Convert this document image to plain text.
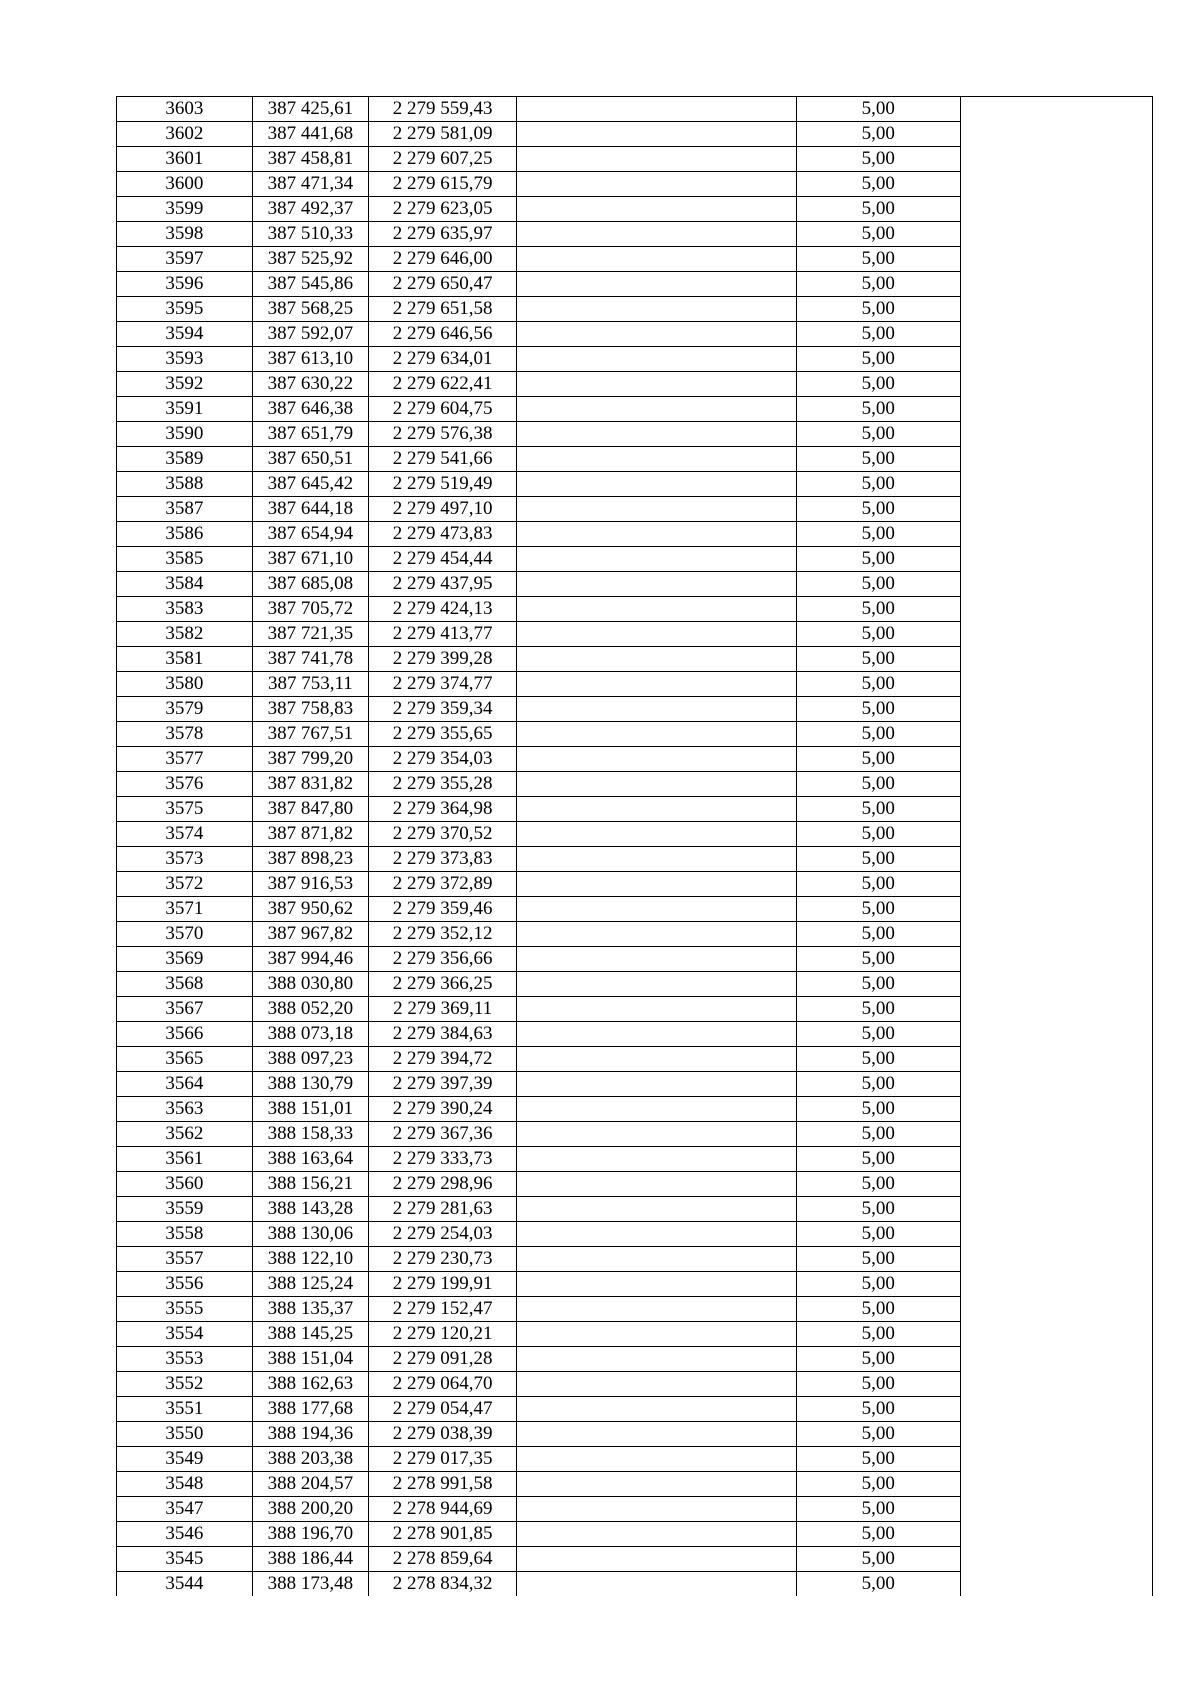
3603	387 425,61	2 279 559,43		5,00	
3602	387 441,68	2 279 581,09		5,00	
3601	387 458,81	2 279 607,25		5,00	
3600	387 471,34	2 279 615,79		5,00	
3599	387 492,37	2 279 623,05		5,00	
3598	387 510,33	2 279 635,97		5,00	
3597	387 525,92	2 279 646,00		5,00	
3596	387 545,86	2 279 650,47		5,00	
3595	387 568,25	2 279 651,58		5,00	
3594	387 592,07	2 279 646,56		5,00	
3593	387 613,10	2 279 634,01		5,00	
3592	387 630,22	2 279 622,41		5,00	
3591	387 646,38	2 279 604,75		5,00	
3590	387 651,79	2 279 576,38		5,00	
3589	387 650,51	2 279 541,66		5,00	
3588	387 645,42	2 279 519,49		5,00	
3587	387 644,18	2 279 497,10		5,00	
3586	387 654,94	2 279 473,83		5,00	
3585	387 671,10	2 279 454,44		5,00	
3584	387 685,08	2 279 437,95		5,00	
3583	387 705,72	2 279 424,13		5,00	
3582	387 721,35	2 279 413,77		5,00	
3581	387 741,78	2 279 399,28		5,00	
3580	387 753,11	2 279 374,77		5,00	
3579	387 758,83	2 279 359,34		5,00	
3578	387 767,51	2 279 355,65		5,00	
3577	387 799,20	2 279 354,03		5,00	
3576	387 831,82	2 279 355,28		5,00	
3575	387 847,80	2 279 364,98		5,00	
3574	387 871,82	2 279 370,52		5,00	
3573	387 898,23	2 279 373,83		5,00	
3572	387 916,53	2 279 372,89		5,00	
3571	387 950,62	2 279 359,46		5,00	
3570	387 967,82	2 279 352,12		5,00	
3569	387 994,46	2 279 356,66		5,00	
3568	388 030,80	2 279 366,25		5,00	
3567	388 052,20	2 279 369,11		5,00	
3566	388 073,18	2 279 384,63		5,00	
3565	388 097,23	2 279 394,72		5,00	
3564	388 130,79	2 279 397,39		5,00	
3563	388 151,01	2 279 390,24		5,00	
3562	388 158,33	2 279 367,36		5,00	
3561	388 163,64	2 279 333,73		5,00	
3560	388 156,21	2 279 298,96		5,00	
3559	388 143,28	2 279 281,63		5,00	
3558	388 130,06	2 279 254,03		5,00	
3557	388 122,10	2 279 230,73		5,00	
3556	388 125,24	2 279 199,91		5,00	
3555	388 135,37	2 279 152,47		5,00	
3554	388 145,25	2 279 120,21		5,00	
3553	388 151,04	2 279 091,28		5,00	
3552	388 162,63	2 279 064,70		5,00	
3551	388 177,68	2 279 054,47		5,00	
3550	388 194,36	2 279 038,39		5,00	
3549	388 203,38	2 279 017,35		5,00	
3548	388 204,57	2 278 991,58		5,00	
3547	388 200,20	2 278 944,69		5,00	
3546	388 196,70	2 278 901,85		5,00	
3545	388 186,44	2 278 859,64		5,00	
3544	388 173,48	2 278 834,32		5,00	
